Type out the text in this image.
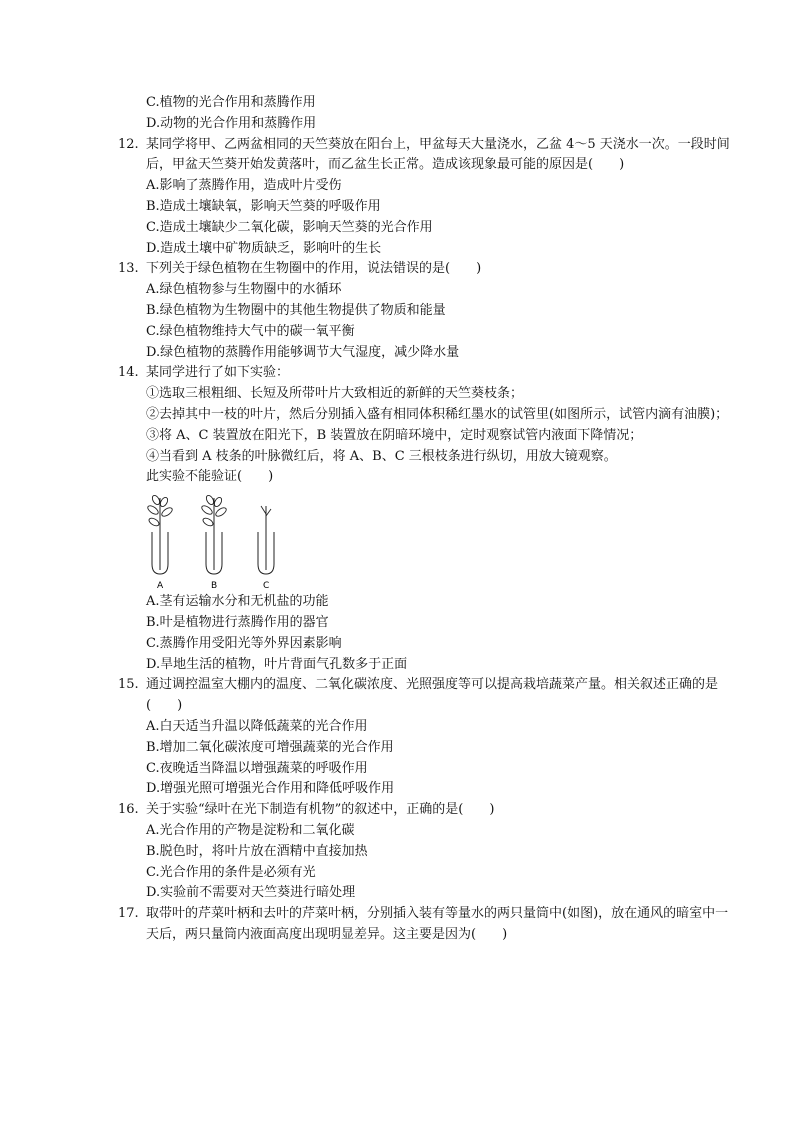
C.植物的光合作用和蒸腾作用

D.动物的光合作用和蒸腾作用

12. 某同学将甲、乙两盆相同的天竺葵放在阳台上，甲盆每天大量浇水，乙盆 4～5 天浇水一次。一段时间后，甲盆天竺葵开始发黄落叶，而乙盆生长正常。造成该现象最可能的原因是(　　)

A.影响了蒸腾作用，造成叶片受伤

B.造成土壤缺氧，影响天竺葵的呼吸作用

C.造成土壤缺少二氧化碳，影响天竺葵的光合作用

D.造成土壤中矿物质缺乏，影响叶的生长

13. 下列关于绿色植物在生物圈中的作用，说法错误的是(　　)

A.绿色植物参与生物圈中的水循环

B.绿色植物为生物圈中的其他生物提供了物质和能量

C.绿色植物维持大气中的碳一氧平衡

D.绿色植物的蒸腾作用能够调节大气湿度，减少降水量

14. 某同学进行了如下实验：

①选取三根粗细、长短及所带叶片大致相近的新鲜的天竺葵枝条；

②去掉其中一枝的叶片，然后分别插入盛有相同体积稀红墨水的试管里(如图所示，试管内滴有油膜)；

③将 A、C 装置放在阳光下，B 装置放在阴暗环境中，定时观察试管内液面下降情况；

④当看到 A 枝条的叶脉微红后，将 A、B、C 三根枝条进行纵切，用放大镜观察。

此实验不能验证(　　)

A	B	C

A.茎有运输水分和无机盐的功能

B.叶是植物进行蒸腾作用的器官

C.蒸腾作用受阳光等外界因素影响

D.旱地生活的植物，叶片背面气孔数多于正面

15. 通过调控温室大棚内的温度、二氧化碳浓度、光照强度等可以提高栽培蔬菜产量。相关叙述正确的是(　　)

A.白天适当升温以降低蔬菜的光合作用

B.增加二氧化碳浓度可增强蔬菜的光合作用

C.夜晚适当降温以增强蔬菜的呼吸作用

D.增强光照可增强光合作用和降低呼吸作用

16. 关于实验“绿叶在光下制造有机物”的叙述中，正确的是(　　)

A.光合作用的产物是淀粉和二氧化碳

B.脱色时，将叶片放在酒精中直接加热

C.光合作用的条件是必须有光

D.实验前不需要对天竺葵进行暗处理

17. 取带叶的芹菜叶柄和去叶的芹菜叶柄，分别插入装有等量水的两只量筒中(如图)，放在通风的暗室中一天后，两只量筒内液面高度出现明显差异。这主要是因为(　　)
